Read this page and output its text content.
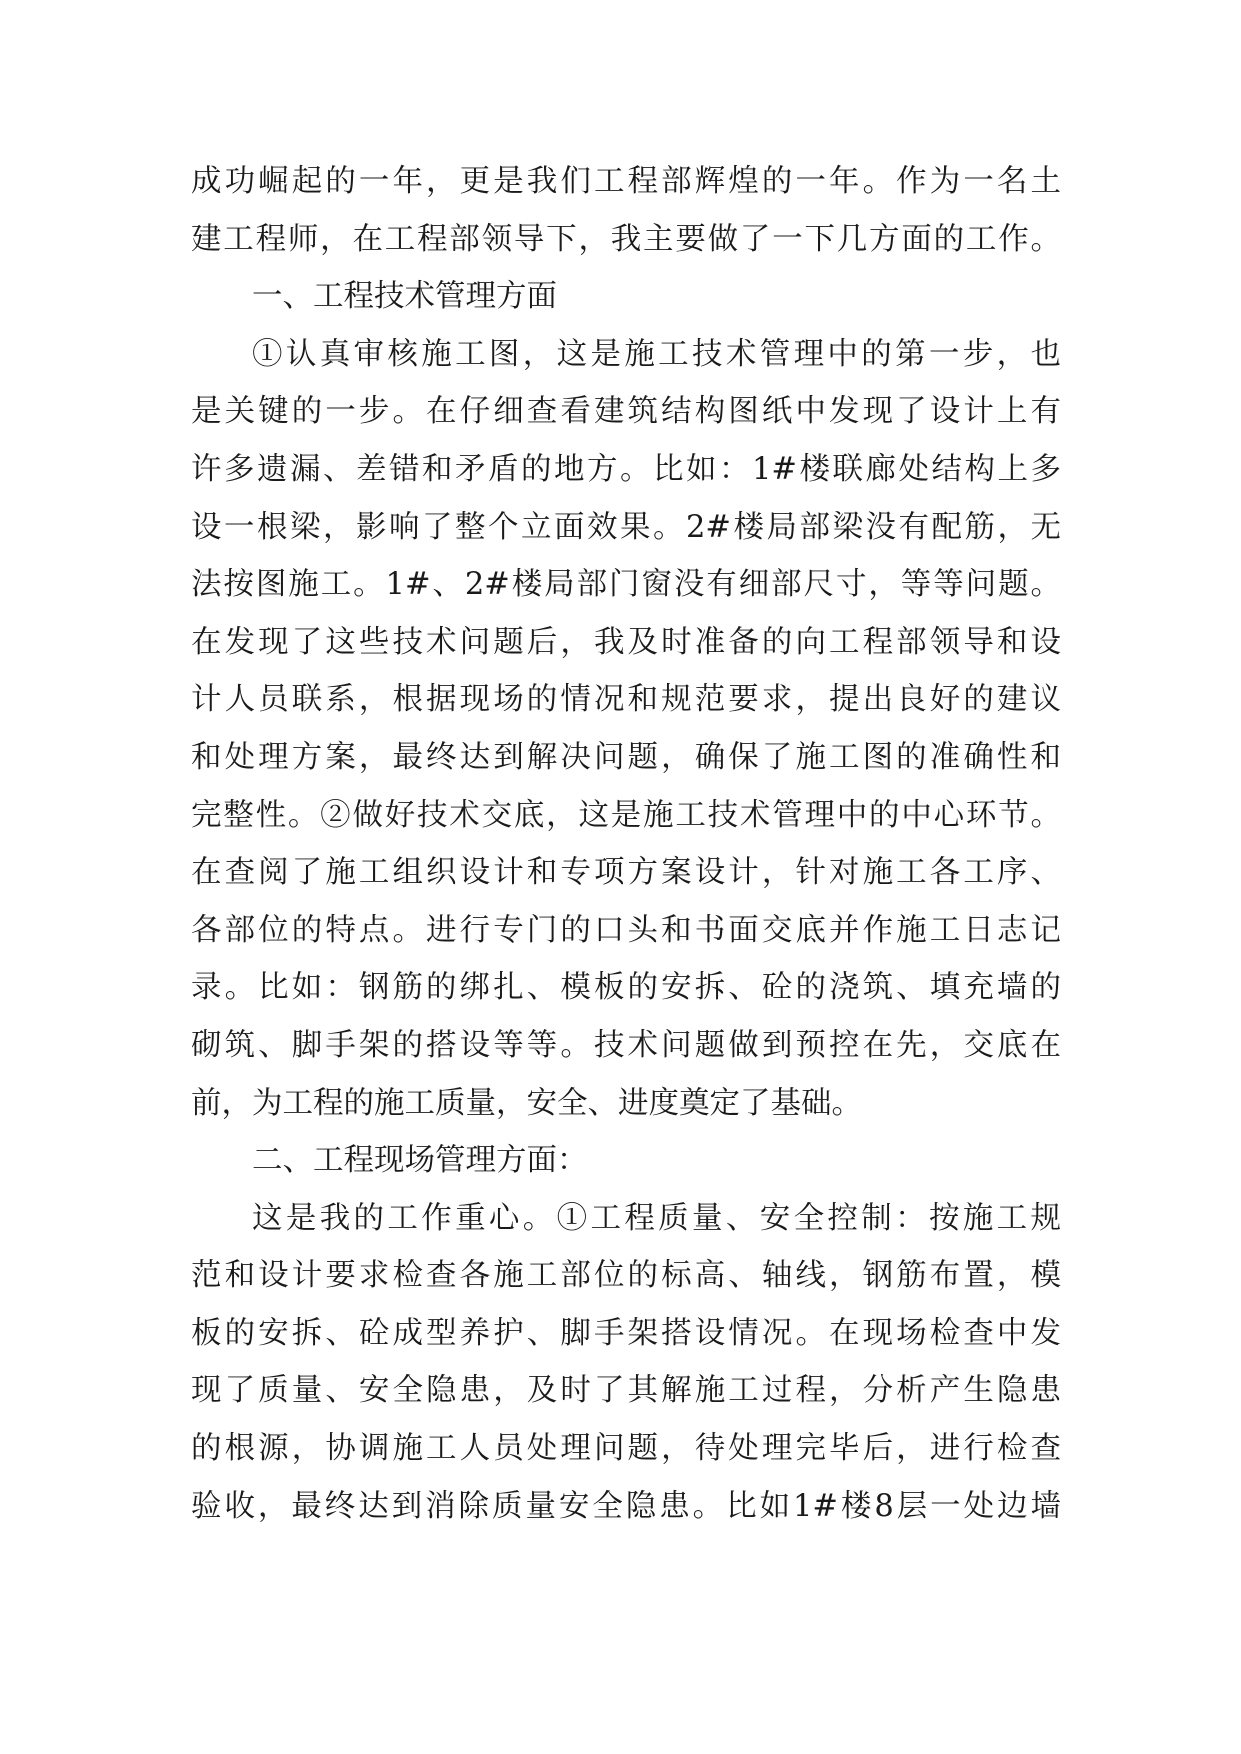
成功崛起的一年，更是我们工程部辉煌的一年。作为一名土
建工程师，在工程部领导下，我主要做了一下几方面的工作。
一、工程技术管理方面
①认真审核施工图，这是施工技术管理中的第一步，也
是关键的一步。在仔细查看建筑结构图纸中发现了设计上有
许多遗漏、差错和矛盾的地方。比如：1#楼联廊处结构上多
设一根梁，影响了整个立面效果。2#楼局部梁没有配筋，无
法按图施工。1#、2#楼局部门窗没有细部尺寸，等等问题。
在发现了这些技术问题后，我及时准备的向工程部领导和设
计人员联系，根据现场的情况和规范要求，提出良好的建议
和处理方案，最终达到解决问题，确保了施工图的准确性和
完整性。②做好技术交底，这是施工技术管理中的中心环节。
在查阅了施工组织设计和专项方案设计，针对施工各工序、
各部位的特点。进行专门的口头和书面交底并作施工日志记
录。比如：钢筋的绑扎、模板的安拆、砼的浇筑、填充墙的
砌筑、脚手架的搭设等等。技术问题做到预控在先，交底在
前，为工程的施工质量，安全、进度奠定了基础。
二、工程现场管理方面：
这是我的工作重心。①工程质量、安全控制：按施工规
范和设计要求检查各施工部位的标高、轴线，钢筋布置，模
板的安拆、砼成型养护、脚手架搭设情况。在现场检查中发
现了质量、安全隐患，及时了其解施工过程，分析产生隐患
的根源，协调施工人员处理问题，待处理完毕后，进行检查
验收，最终达到消除质量安全隐患。比如1#楼8层一处边墙
